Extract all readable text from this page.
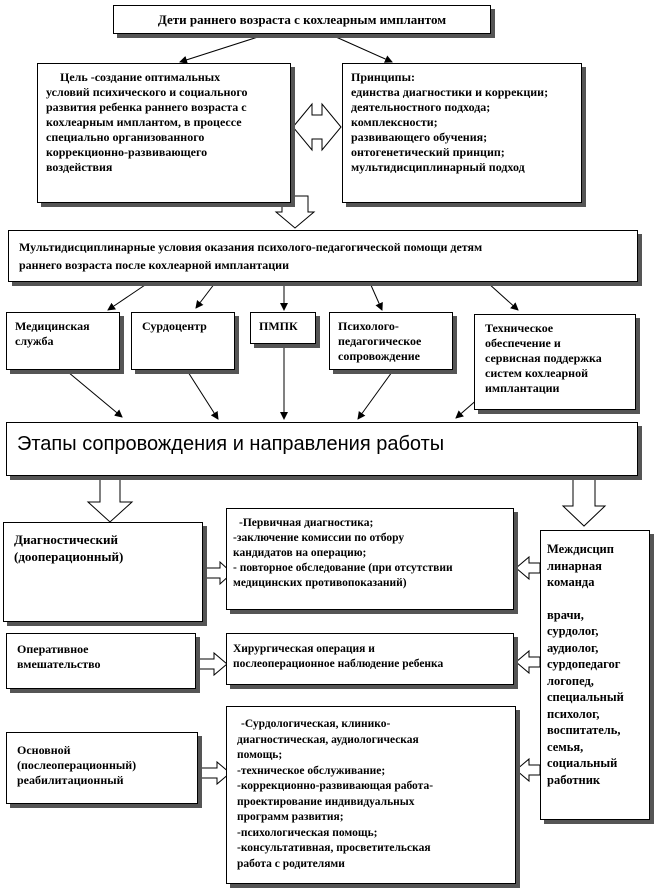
Дети раннего возраста с кохлеарным имплантом
Цель -создание оптимальных
условий психического и социального
развития ребенка раннего возраста с
кохлеарным имплантом, в процессе
специально организованного
коррекционно-развивающего
воздействия
Принципы:
единства диагностики и коррекции;
деятельностного подхода;
комплексности;
развивающего обучения;
онтогенетический принцип;
мультидисциплинарный подход
Мультидисциплинарные условия оказания психолого-педагогической помощи детям
раннего возраста после кохлеарной имплантации
Медицинская
служба
Сурдоцентр	ПМПК	Психолого-
педагогическое
сопровождение
Техническое
обеспечение и
сервисная поддержка
систем кохлеарной
имплантации
Этапы сопровождения и направления работы
Диагностический
(дооперационный)
Оперативное
вмешательство
Основной
(послеоперационный)
реабилитационный
-Первичная диагностика;
-заключение комиссии по отбору
кандидатов на операцию;
- повторное обследование (при отсутствии
медицинских противопоказаний)
Хирургическая операция и
послеоперационное наблюдение ребенка
-Сурдологическая, клинико-
диагностическая, аудиологическая
помощь;
-техническое обслуживание;
-коррекционно-развивающая работа-
проектирование индивидуальных
программ развития;
-психологическая помощь;
-консультативная, просветительская
работа с родителями
Междисцип
линарная
команда
врачи,
сурдолог,
аудиолог,
сурдопедагог
логопед,
специальный
психолог,
воспитатель,
семья,
социальный
работник
